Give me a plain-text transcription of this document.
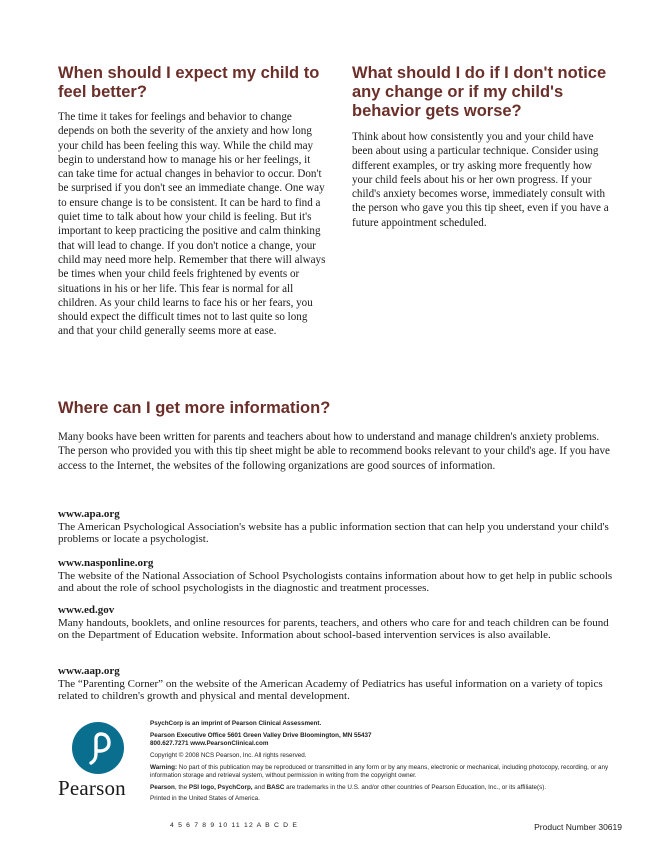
When should I expect my child to feel better?

The time it takes for feelings and behavior to change depends on both the severity of the anxiety and how long your child has been feeling this way. While the child may begin to understand how to manage his or her feelings, it can take time for actual changes in behavior to occur. Don't be surprised if you don't see an immediate change. One way to ensure change is to be consistent. It can be hard to find a quiet time to talk about how your child is feeling. But it's important to keep practicing the positive and calm thinking that will lead to change. If you don't notice a change, your child may need more help. Remember that there will always be times when your child feels frightened by events or situations in his or her life. This fear is normal for all children. As your child learns to face his or her fears, you should expect the difficult times not to last quite so long and that your child generally seems more at ease.

What should I do if I don't notice any change or if my child's behavior gets worse?

Think about how consistently you and your child have been about using a particular technique. Consider using different examples, or try asking more frequently how your child feels about his or her own progress. If your child's anxiety becomes worse, immediately consult with the person who gave you this tip sheet, even if you have a future appointment scheduled.

Where can I get more information?

Many books have been written for parents and teachers about how to understand and manage children's anxiety problems. The person who provided you with this tip sheet might be able to recommend books relevant to your child's age. If you have access to the Internet, the websites of the following organizations are good sources of information.

www.apa.org
The American Psychological Association's website has a public information section that can help you understand your child's problems or locate a psychologist.
www.nasponline.org
The website of the National Association of School Psychologists contains information about how to get help in public schools and about the role of school psychologists in the diagnostic and treatment processes.
www.ed.gov
Many handouts, booklets, and online resources for parents, teachers, and others who care for and teach children can be found on the Department of Education website. Information about school-based intervention services is also available.
www.aap.org
The “Parenting Corner” on the website of the American Academy of Pediatrics has useful information on a variety of topics related to children's growth and physical and mental development.
Pearson
PsychCorp is an imprint of Pearson Clinical Assessment.
Pearson Executive Office 5601 Green Valley Drive Bloomington, MN 55437
800.627.7271 www.PearsonClinical.com
Copyright © 2008 NCS Pearson, Inc. All rights reserved.
Warning: No part of this publication may be reproduced or transmitted in any form or by any means, electronic or mechanical, including photocopy, recording, or any information storage and retrieval system, without permission in writing from the copyright owner.
Pearson, the PSI logo, PsychCorp, and BASC are trademarks in the U.S. and/or other countries of Pearson Education, Inc., or its affiliate(s).
Printed in the United States of America.
4 5 6 7 8 9 10 11 12 A B C D E	Product Number 30619
